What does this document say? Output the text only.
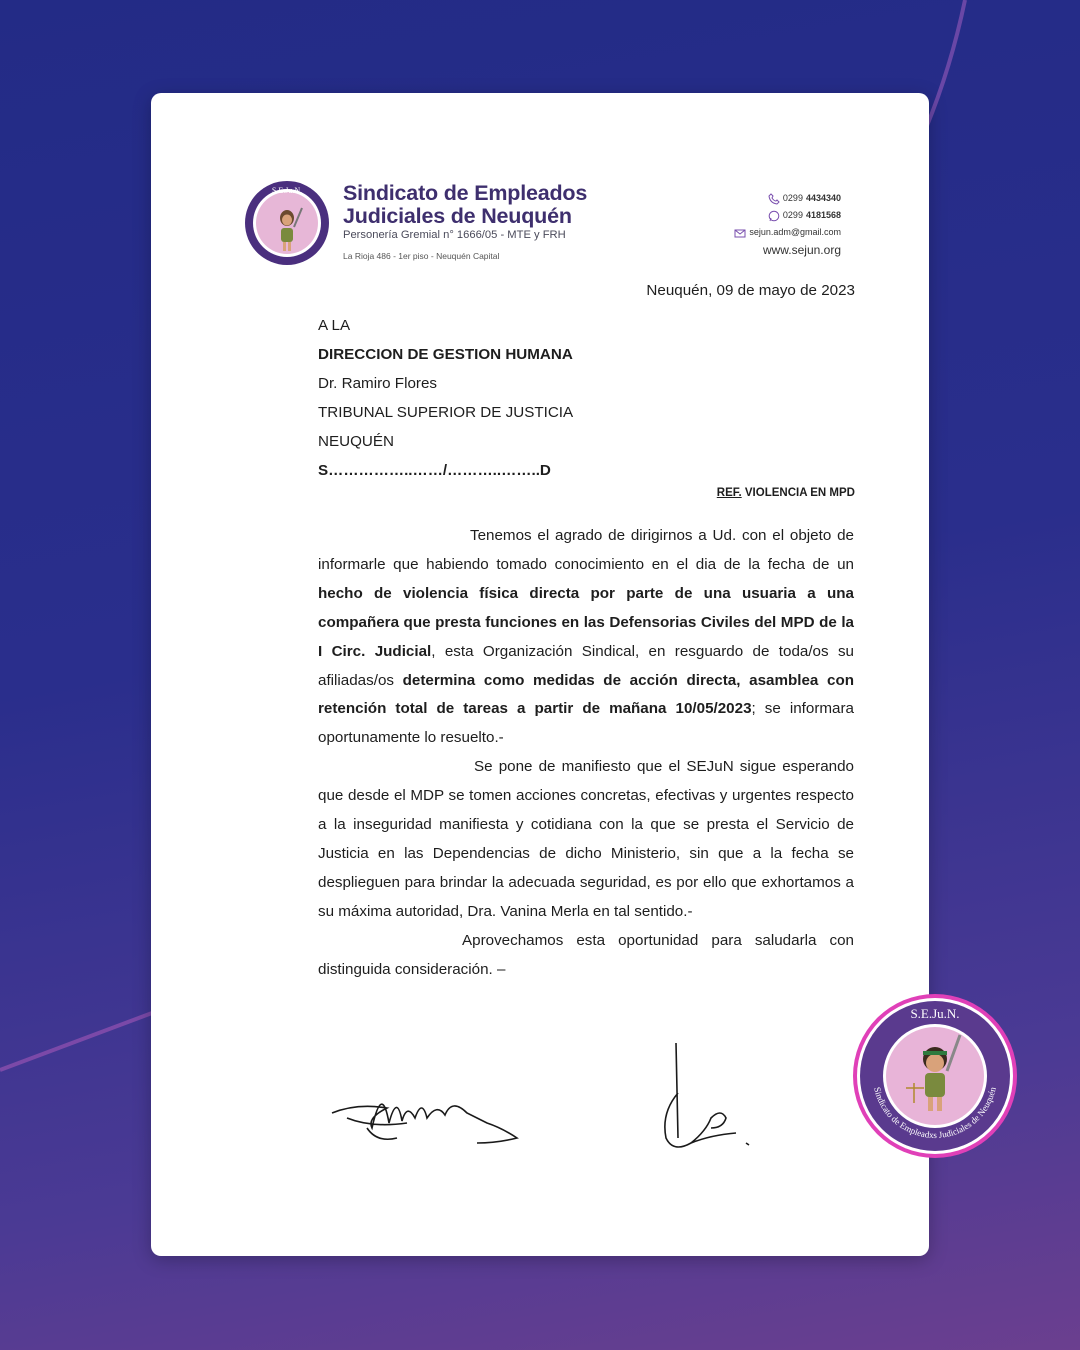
S.E.Ju.N. Sindicato de Empleados
Judiciales de Neuquén
Personería Gremial n° 1666/05 - MTE y FRH
La Rioja 486 - 1er piso - Neuquén Capital
0299 4434340
0299 4181568
sejun.adm@gmail.com
www.sejun.org
Neuquén, 09 de mayo de 2023
A LA
DIRECCION DE GESTION HUMANA
Dr. Ramiro Flores
TRIBUNAL SUPERIOR DE JUSTICIA
NEUQUÉN
S……………..……/………..……..D
REF. VIOLENCIA EN MPD

Tenemos el agrado de dirigirnos a Ud. con el objeto de informarle que habiendo tomado conocimiento en el dia de la fecha de un hecho de violencia física directa por parte de una usuaria a una compañera que presta funciones en las Defensorias Civiles del MPD de la I Circ. Judicial, esta Organización Sindical, en resguardo de toda/os su afiliadas/os determina como medidas de acción directa, asamblea con retención total de tareas a partir de mañana 10/05/2023; se informara oportunamente lo resuelto.-

Se pone de manifiesto que el SEJuN sigue esperando que desde el MDP se tomen acciones concretas, efectivas y urgentes respecto a la inseguridad manifiesta y cotidiana con la que se presta el Servicio de Justicia en las Dependencias de dicho Ministerio, sin que a la fecha se desplieguen para brindar la adecuada seguridad, es por ello que exhortamos a su máxima autoridad, Dra. Vanina Merla en tal sentido.-

Aprovechamos esta oportunidad para saludarla con distinguida consideración. –

S.E.Ju.N.
Sindicato de Empleadxs Judiciales de Neuquén
